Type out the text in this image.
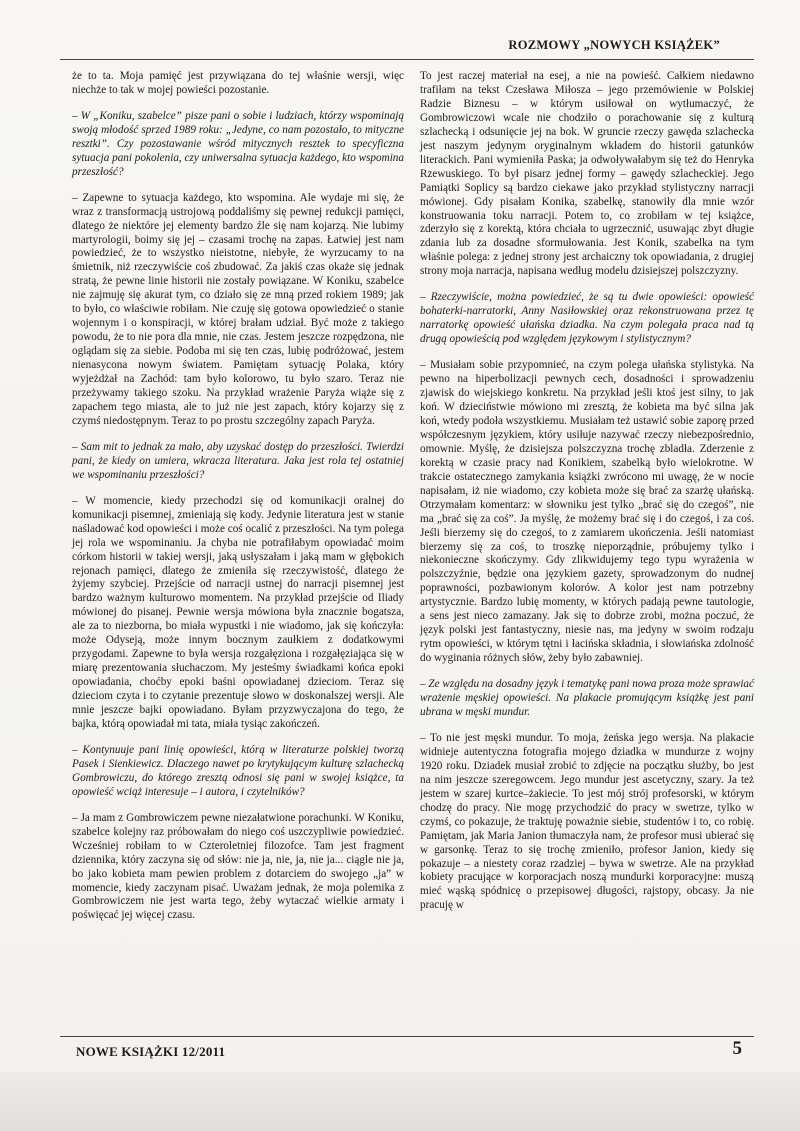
ROZMOWY „NOWYCH KSIĄŻEK”

że to ta. Moja pamięć jest przywiązana do tej właśnie wersji, więc niechże to tak w mojej powieści pozostanie.

– W „Koniku, szabelce” pisze pani o sobie i ludziach, którzy wspominają swoją młodość sprzed 1989 roku: „Jedyne, co nam pozostało, to mityczne resztki”. Czy pozostawanie wśród mitycznych resztek to specyficzna sytuacja pani pokolenia, czy uniwersalna sytuacja każdego, kto wspomina przeszłość?

– Zapewne to sytuacja każdego, kto wspomina. Ale wydaje mi się, że wraz z transformacją ustrojową poddaliśmy się pewnej redukcji pamięci, dlatego że niektóre jej elementy bardzo źle się nam kojarzą. Nie lubimy martyrologii, boimy się jej – czasami trochę na zapas. Łatwiej jest nam powiedzieć, że to wszystko nieistotne, niebyłe, że wyrzucamy to na śmietnik, niż rzeczywiście coś zbudować. Za jakiś czas okaże się jednak stratą, że pewne linie historii nie zostały powiązane. W Koniku, szabelce nie zajmuję się akurat tym, co działo się ze mną przed rokiem 1989; jak to było, co właściwie robiłam. Nie czuję się gotowa opowiedzieć o stanie wojennym i o konspiracji, w której brałam udział. Być może z takiego powodu, że to nie pora dla mnie, nie czas. Jestem jeszcze rozpędzona, nie oglądam się za siebie. Podoba mi się ten czas, lubię podróżować, jestem nienasycona nowym światem. Pamiętam sytuację Polaka, który wyjeżdżał na Zachód: tam było kolorowo, tu było szaro. Teraz nie przeżywamy takiego szoku. Na przykład wrażenie Paryża wiąże się z zapachem tego miasta, ale to już nie jest zapach, który kojarzy się z czymś niedostępnym. Teraz to po prostu szczególny zapach Paryża.

– Sam mit to jednak za mało, aby uzyskać dostęp do przeszłości. Twierdzi pani, że kiedy on umiera, wkracza literatura. Jaka jest rola tej ostatniej we wspominaniu przeszłości?

– W momencie, kiedy przechodzi się od komunikacji oralnej do komunikacji pisemnej, zmieniają się kody. Jedynie literatura jest w stanie naśladować kod opowieści i może coś ocalić z przeszłości. Na tym polega jej rola we wspominaniu. Ja chyba nie potrafiłabym opowiadać moim córkom historii w takiej wersji, jaką usłyszałam i jaką mam w głębokich rejonach pamięci, dlatego że zmieniła się rzeczywistość, dlatego że żyjemy szybciej. Przejście od narracji ustnej do narracji pisemnej jest bardzo ważnym kulturowo momentem. Na przykład przejście od Iliady mówionej do pisanej. Pewnie wersja mówiona była znacznie bogatsza, ale za to niezborna, bo miała wypustki i nie wiadomo, jak się kończyła: może Odyseją, może innym bocznym zaułkiem z dodatkowymi przygodami. Zapewne to była wersja rozgałęziona i rozgałęziająca się w miarę prezentowania słuchaczom. My jesteśmy świadkami końca epoki opowiadania, choćby epoki baśni opowiadanej dzieciom. Teraz się dzieciom czyta i to czytanie prezentuje słowo w doskonalszej wersji. Ale mnie jeszcze bajki opowiadano. Byłam przyzwyczajona do tego, że bajka, którą opowiadał mi tata, miała tysiąc zakończeń.

– Kontynuuje pani linię opowieści, którą w literaturze polskiej tworzą Pasek i Sienkiewicz. Dlaczego nawet po krytykującym kulturę szlachecką Gombrowiczu, do którego zresztą odnosi się pani w swojej książce, ta opowieść wciąż interesuje – i autora, i czytelników?

– Ja mam z Gombrowiczem pewne niezałatwione porachunki. W Koniku, szabelce kolejny raz próbowałam do niego coś uszczypliwie powiedzieć. Wcześniej robiłam to w Czteroletniej filozofce. Tam jest fragment dziennika, który zaczyna się od słów: nie ja, nie, ja, nie ja... ciągle nie ja, bo jako kobieta mam pewien problem z dotarciem do swojego „ja” w momencie, kiedy zaczynam pisać. Uważam jednak, że moja polemika z Gombrowiczem nie jest warta tego, żeby wytaczać wielkie armaty i poświęcać jej więcej czasu.

To jest raczej materiał na esej, a nie na powieść. Całkiem niedawno trafiłam na tekst Czesława Miłosza – jego przemówienie w Polskiej Radzie Biznesu – w którym usiłował on wytłumaczyć, że Gombrowiczowi wcale nie chodziło o porachowanie się z kulturą szlachecką i odsunięcie jej na bok. W gruncie rzeczy gawęda szlachecka jest naszym jedynym oryginalnym wkładem do historii gatunków literackich. Pani wymieniła Paska; ja odwoływałabym się też do Henryka Rzewuskiego. To był pisarz jednej formy – gawędy szlacheckiej. Jego Pamiątki Soplicy są bardzo ciekawe jako przykład stylistyczny narracji mówionej. Gdy pisałam Konika, szabelkę, stanowiły dla mnie wzór konstruowania toku narracji. Potem to, co zrobiłam w tej książce, zderzyło się z korektą, która chciała to ugrzecznić, usuwając zbyt długie zdania lub za dosadne sformułowania. Jest Konik, szabelka na tym właśnie polega: z jednej strony jest archaiczny tok opowiadania, z drugiej strony moja narracja, napisana według modelu dzisiejszej polszczyzny.

– Rzeczywiście, można powiedzieć, że są tu dwie opowieści: opowieść bohaterki-narratorki, Anny Nasiłowskiej oraz rekonstruowana przez tę narratorkę opowieść ułańska dziadka. Na czym polegała praca nad tą drugą opowieścią pod względem językowym i stylistycznym?

– Musiałam sobie przypomnieć, na czym polega ułańska stylistyka. Na pewno na hiperbolizacji pewnych cech, dosadności i sprowadzeniu zjawisk do wiejskiego konkretu. Na przykład jeśli ktoś jest silny, to jak koń. W dzieciństwie mówiono mi zresztą, że kobieta ma być silna jak koń, wtedy podoła wszystkiemu. Musiałam też ustawić sobie zaporę przed współczesnym językiem, który usiłuje nazywać rzeczy niebezpośrednio, omownie. Myślę, że dzisiejsza polszczyzna trochę zbladła. Zderzenie z korektą w czasie pracy nad Konikiem, szabelką było wielokrotne. W trakcie ostatecznego zamykania książki zwrócono mi uwagę, że w nocie napisałam, iż nie wiadomo, czy kobieta może się brać za szarżę ułańską. Otrzymałam komentarz: w słowniku jest tylko „brać się do czegoś”, nie ma „brać się za coś”. Ja myślę, że możemy brać się i do czegoś, i za coś. Jeśli bierzemy się do czegoś, to z zamiarem ukończenia. Jeśli natomiast bierzemy się za coś, to troszkę nieporządnie, próbujemy tylko i niekonieczne skończymy. Gdy zlikwidujemy tego typu wyrażenia w polszczyźnie, będzie ona językiem gazety, sprowadzonym do nudnej poprawności, pozbawionym kolorów. A kolor jest nam potrzebny artystycznie. Bardzo lubię momenty, w których padają pewne tautologie, a sens jest nieco zamazany. Jak się to dobrze zrobi, można poczuć, że język polski jest fantastyczny, niesie nas, ma jedyny w swoim rodzaju rytm opowieści, w którym tętni i łacińska składnia, i słowiańska zdolność do wyginania różnych słów, żeby było zabawniej.

– Ze względu na dosadny język i tematykę pani nowa proza może sprawiać wrażenie męskiej opowieści. Na plakacie promującym książkę jest pani ubrana w męski mundur.

– To nie jest męski mundur. To moja, żeńska jego wersja. Na plakacie widnieje autentyczna fotografia mojego dziadka w mundurze z wojny 1920 roku. Dziadek musiał zrobić to zdjęcie na początku służby, bo jest na nim jeszcze szeregowcem. Jego mundur jest ascetyczny, szary. Ja też jestem w szarej kurtce–żakiecie. To jest mój strój profesorski, w którym chodzę do pracy. Nie mogę przychodzić do pracy w swetrze, tylko w czymś, co pokazuje, że traktuję poważnie siebie, studentów i to, co robię. Pamiętam, jak Maria Janion tłumaczyła nam, że profesor musi ubierać się w garsonkę. Teraz to się trochę zmieniło, profesor Janion, kiedy się pokazuje – a niestety coraz rzadziej – bywa w swetrze. Ale na przykład kobiety pracujące w korporacjach noszą mundurki korporacyjne: muszą mieć wąską spódnicę o przepisowej długości, rajstopy, obcasy. Ja nie pracuję w

NOWE KSIĄŻKI 12/2011	5
